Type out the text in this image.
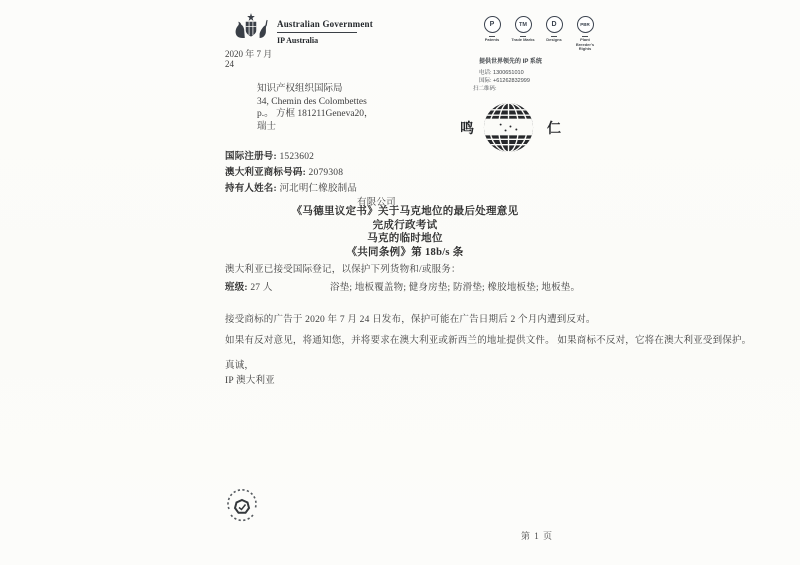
Australian Government
IP Australia
2020 年 7 月
24
知识产权组织国际局
34, Chemin des Colombettes
p.。 方框 181211Geneva20，
瑞士
P
Patents
TM
Trade Marks
D
Designs
PBR
Plant Breeder's Rights
提供世界领先的 IP 系统
电话: 1300651010
国际: +61262832999
扫二维码:
鸣	仁
国际注册号: 1523602
澳大利亚商标号码: 2079308
持有人姓名: 河北明仁橡胶制品
有限公司
《马德里议定书》关于马克地位的最后处理意见
完成行政考试
马克的临时地位
《共同条例》第 18b/s 条
澳大利亚已接受国际登记，以保护下列货物和/或服务：
班级: 27 人	浴垫; 地板覆盖物; 健身房垫; 防滑垫; 橡胶地板垫; 地板垫。
接受商标的广告于 2020 年 7 月 24 日发布，保护可能在广告日期后 2 个月内遭到反对。
如果有反对意见，将通知您，并将要求在澳大利亚或新西兰的地址提供文件。 如果商标不反对，它将在澳大利亚受到保护。
真诚，
IP 澳大利亚
第 1 页
